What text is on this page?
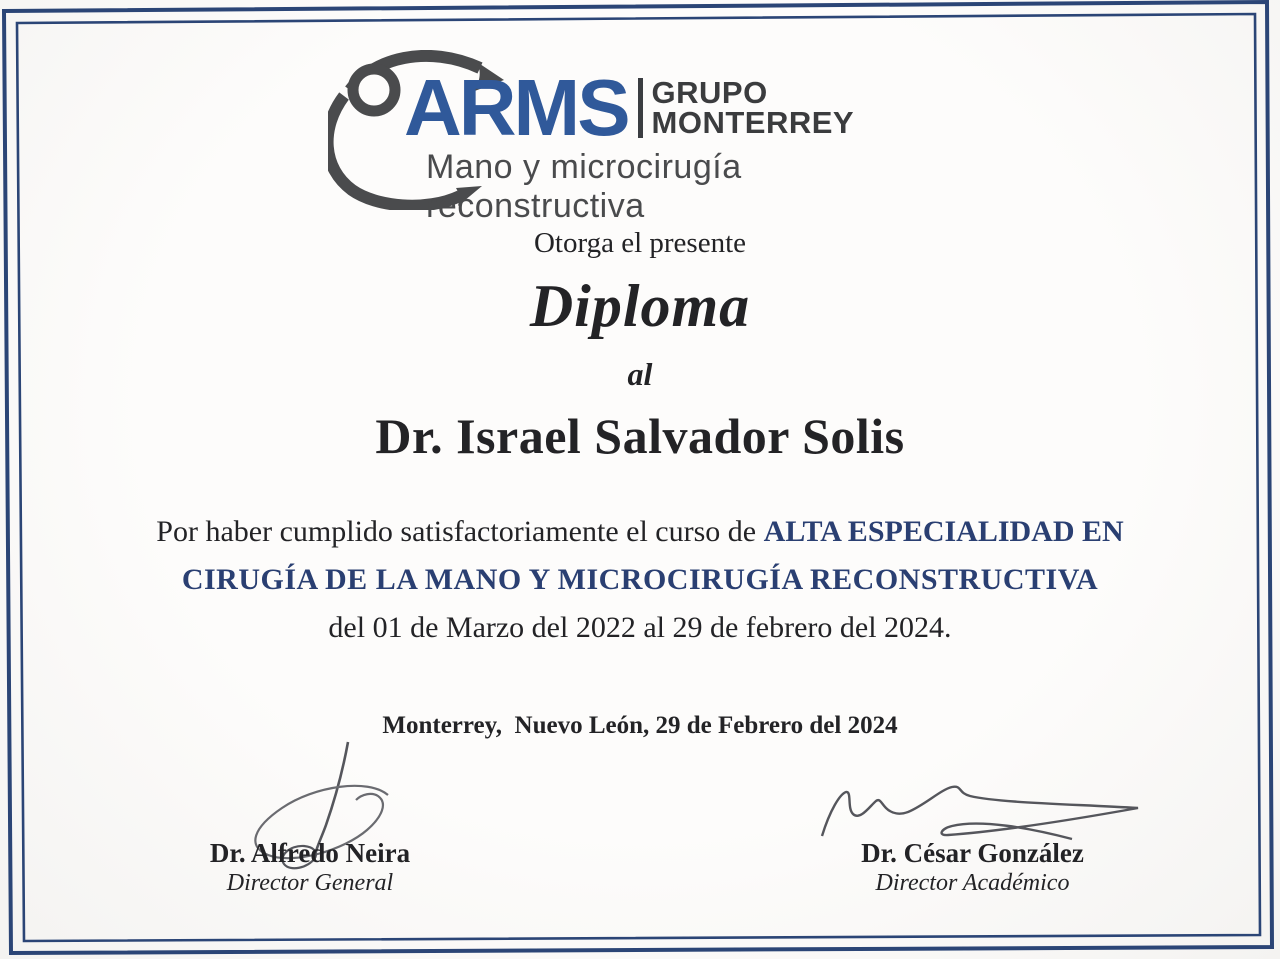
ARMS GRUPO
MONTERREY
Mano y microcirugía reconstructiva
Otorga el presente
Diploma
al
Dr. Israel Salvador Solis
Por haber cumplido satisfactoriamente el curso de ALTA ESPECIALIDAD EN
CIRUGÍA DE LA MANO Y MICROCIRUGÍA RECONSTRUCTIVA
del 01 de Marzo del 2022 al 29 de febrero del 2024.
Monterrey,  Nuevo León, 29 de Febrero del 2024
Dr. Alfredo Neira
Director General
Dr. César González
Director Académico
